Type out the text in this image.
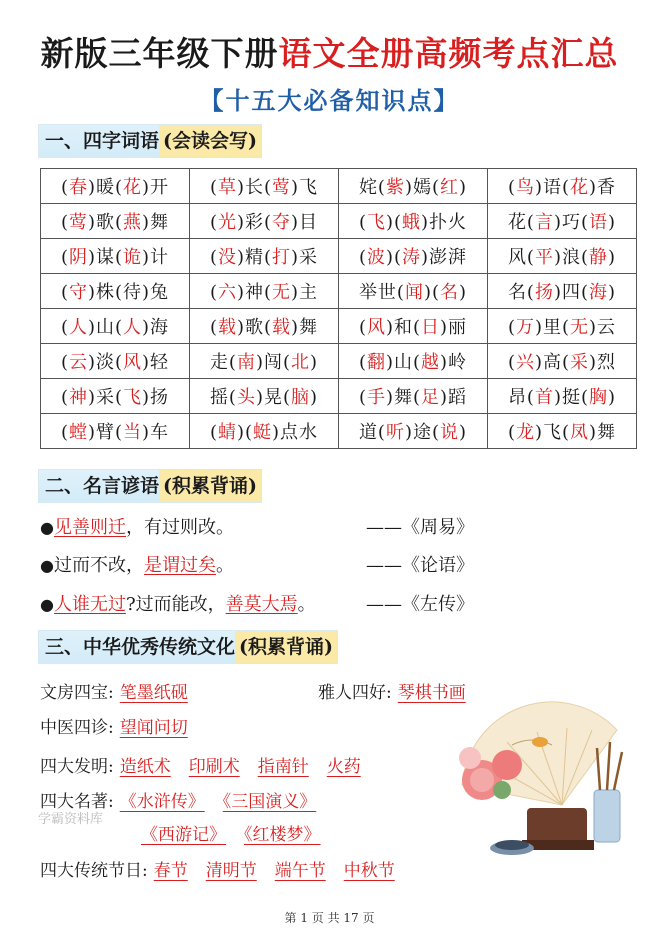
新版三年级下册语文全册高频考点汇总
【十五大必备知识点】
一、四字词语 (会读会写)
(春)暖(花)开	(草)长(莺)飞	姹(紫)嫣(红)	(鸟)语(花)香
(莺)歌(燕)舞	(光)彩(夺)目	(飞)(蛾)扑火	花(言)巧(语)
(阴)谋(诡)计	(没)精(打)采	(波)(涛)澎湃	风(平)浪(静)
(守)株(待)兔	(六)神(无)主	举世(闻)(名)	名(扬)四(海)
(人)山(人)海	(载)歌(载)舞	(风)和(日)丽	(万)里(无)云
(云)淡(风)轻	走(南)闯(北)	(翻)山(越)岭	(兴)高(采)烈
(神)采(飞)扬	摇(头)晃(脑)	(手)舞(足)蹈	昂(首)挺(胸)
(螳)臂(当)车	(蜻)(蜓)点水	道(听)途(说)	(龙)飞(凤)舞
二、名言谚语 (积累背诵)
●见善则迁，有过则改。	——《周易》
●过而不改，是谓过矣。	——《论语》
●人谁无过?过而能改，善莫大焉。	——《左传》
三、中华优秀传统文化 (积累背诵)
文房四宝: 笔墨纸砚	雅人四好: 琴棋书画
中医四诊: 望闻问切
四大发明: 造纸术 印刷术 指南针 火药
四大名著: 《水浒传》 《三国演义》
《西游记》 《红楼梦》
四大传统节日: 春节 清明节 端午节 中秋节
学霸资料库
第 1 页 共 17 页
